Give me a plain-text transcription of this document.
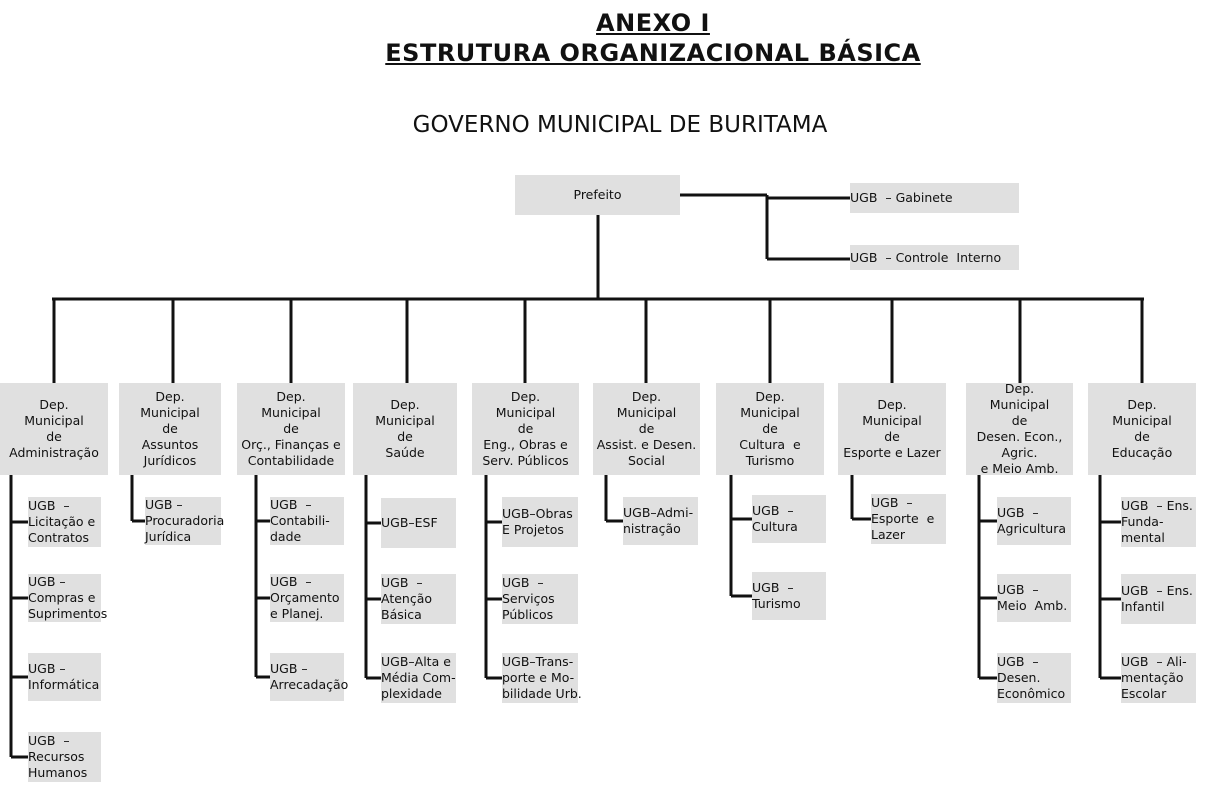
ANEXO I
ESTRUTURA ORGANIZACIONAL BÁSICA
GOVERNO MUNICIPAL DE BURITAMA
Prefeito	UGB  – Gabinete
UGB  – Controle  Interno
Dep.
Municipal
de
Administração
UGB  –
Licitação e
Contratos
UGB –
Compras e
Suprimentos
UGB –
Informática
UGB  –
Recursos
Humanos
Dep.
Municipal
de
Assuntos
Jurídicos
UGB –
Procuradoria
Jurídica
Dep.
Municipal
de
Orç., Finanças e
Contabilidade
UGB  –
Contabili-
dade
UGB  –
Orçamento
e Planej.
UGB –
Arrecadação
Dep.
Municipal
de
Saúde
UGB–ESF
UGB  –
Atenção
Básica
UGB–Alta e
Média Com-
plexidade
Dep.
Municipal
de
Eng., Obras e
Serv. Públicos
UGB–Obras
E Projetos
UGB  –
Serviços
Públicos
UGB–Trans-
porte e Mo-
bilidade Urb.
Dep.
Municipal
de
Assist. e Desen.
Social
UGB–Admi-
nistração
Dep.
Municipal
de
Cultura  e
Turismo
UGB  –
Cultura
UGB  –
Turismo
Dep.
Municipal
de
Esporte e Lazer
UGB  –
Esporte  e
Lazer
Dep.
Municipal
de
Desen. Econ.,
Agric.
e Meio Amb.
UGB  –
Agricultura
UGB  –
Meio  Amb.
UGB  –
Desen.
Econômico
Dep.
Municipal
de
Educação
UGB  – Ens.
Funda-
mental
UGB  – Ens.
Infantil
UGB  – Ali-
mentação
Escolar
